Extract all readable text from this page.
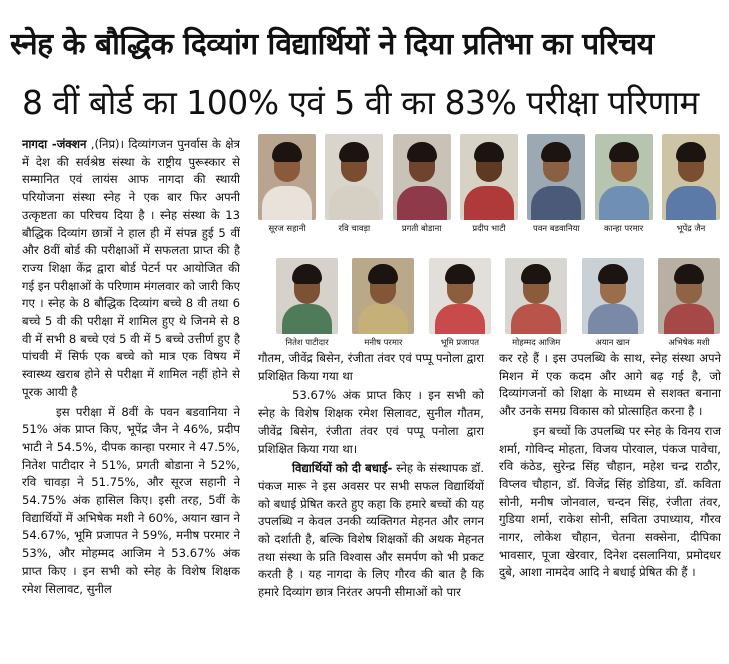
स्नेह के बौद्धिक दिव्यांग विद्यार्थियों ने दिया प्रतिभा का परिचय
8 वीं बोर्ड का 100% एवं 5 वी का 83% परीक्षा परिणाम

नागदा -जंक्शन ,(निप्र)। दिव्यांगजन पुनर्वास के क्षेत्र में देश की सर्वश्रेष्ठ संस्था के राष्ट्रीय पुरूस्कार से सम्मानित एवं लायंस आफ नागदा की स्थायी परियोजना संस्था स्नेह ने एक बार फिर अपनी उत्कृष्टता का परिचय दिया है । स्नेह संस्था के 13 बौद्धिक दिव्यांग छात्रों ने हाल ही में संपन्न हुई 5 वीं और 8वीं बोर्ड की परीक्षाओं में सफलता प्राप्त की है राज्य शिक्षा केंद्र द्वारा बोर्ड पेटर्न पर आयोजित की गई इन परीक्षाओं के परिणाम मंगलवार को जारी किए गए । स्नेह के 8 बौद्धिक दिव्यांग बच्चे 8 वी तथा 6 बच्चे 5 वी की परीक्षा में शामिल हुए थे जिनमे से 8 वी में सभी 8 बच्चे एवं 5 वी में 5 बच्चे उत्तीर्ण हुए है पांचवी में सिर्फ एक बच्चे को मात्र एक विषय में स्वास्थ्य खराब होने से परीक्षा में शामिल नहीं होने से पूरक आयी है

इस परीक्षा में 8वीं के पवन बडवानिया ने 51% अंक प्राप्त किए, भूपेंद्र जैन ने 46%, प्रदीप भाटी ने 54.5%, दीपक कान्हा परमार ने 47.5%, नितेश पाटीदार ने 51%, प्रगती बोडाना ने 52%, रवि चावड़ा ने 51.75%, और सूरज सहानी ने 54.75% अंक हासिल किए। इसी तरह, 5वीं के विद्यार्थियों में अभिषेक मशी ने 60%, अयान खान ने 54.67%, भूमि प्रजापत ने 59%, मनीष परमार ने 53%, और मोहम्मद आजिम ने 53.67% अंक प्राप्त किए । इन सभी को स्नेह के विशेष शिक्षक रमेश सिलावट, सुनील

सूरज सहानी	रवि चावड़ा	प्रगती बोडाना	प्रदीप भाटी	पवन बडवानिया	कान्हा परमार	भूपेंद्र जैन
नितेश पाटीदार	मनीष परमार	भूमि प्रजापत	मोहम्मद आजिम	अयान खान	अभिषेक मशी

गौतम, जीवेंद्र बिसेन, रंजीता तंवर एवं पप्पू पनोला द्वारा प्रशिक्षित किया गया था

53.67% अंक प्राप्त किए । इन सभी को स्नेह के विशेष शिक्षक रमेश सिलावट, सुनील गौतम, जीवेंद्र बिसेन, रंजीता तंवर एवं पप्पू पनोला द्वारा प्रशिक्षित किया गया था।

विद्यार्थियों को दी बधाई- स्नेह के संस्थापक डॉ. पंकज मारू ने इस अवसर पर सभी सफल विद्यार्थियों को बधाई प्रेषित करते हुए कहा कि हमारे बच्चों की यह उपलब्धि न केवल उनकी व्यक्तिगत मेहनत और लगन को दर्शाती है, बल्कि विशेष शिक्षकों की अथक मेहनत तथा संस्था के प्रति विश्वास और समर्पण को भी प्रकट करती है । यह नागदा के लिए गौरव की बात है कि हमारे दिव्यांग छात्र निरंतर अपनी सीमाओं को पार

कर रहे हैं । इस उपलब्धि के साथ, स्नेह संस्था अपने मिशन में एक कदम और आगे बढ़ गई है, जो दिव्यांगजनों को शिक्षा के माध्यम से सशक्त बनाना और उनके समग्र विकास को प्रोत्साहित करना है ।

इन बच्चों कि उपलब्धि पर स्नेह के विनय राज शर्मा, गोविन्द मोहता, विजय पोरवाल, पंकज पावेचा, रवि कंठेड, सुरेन्द्र सिंह चौहान, महेश चन्द्र राठौर, विप्लव चौहान, डॉ. विजेंद्र सिंह डोडिया, डॉ. कविता सोनी, मनीष जोनवाल, चन्दन सिंह, रंजीता तंवर, गुडिया शर्मा, राकेश सोनी, सविता उपाध्याय, गौरव नागर, लोकेश चौहान, चेतना सक्सेना, दीपिका भावसार, पूजा खेरवार, दिनेश दसलानिया, प्रमोदधर दुबे, आशा नामदेव आदि ने बधाई प्रेषित की हैं ।
